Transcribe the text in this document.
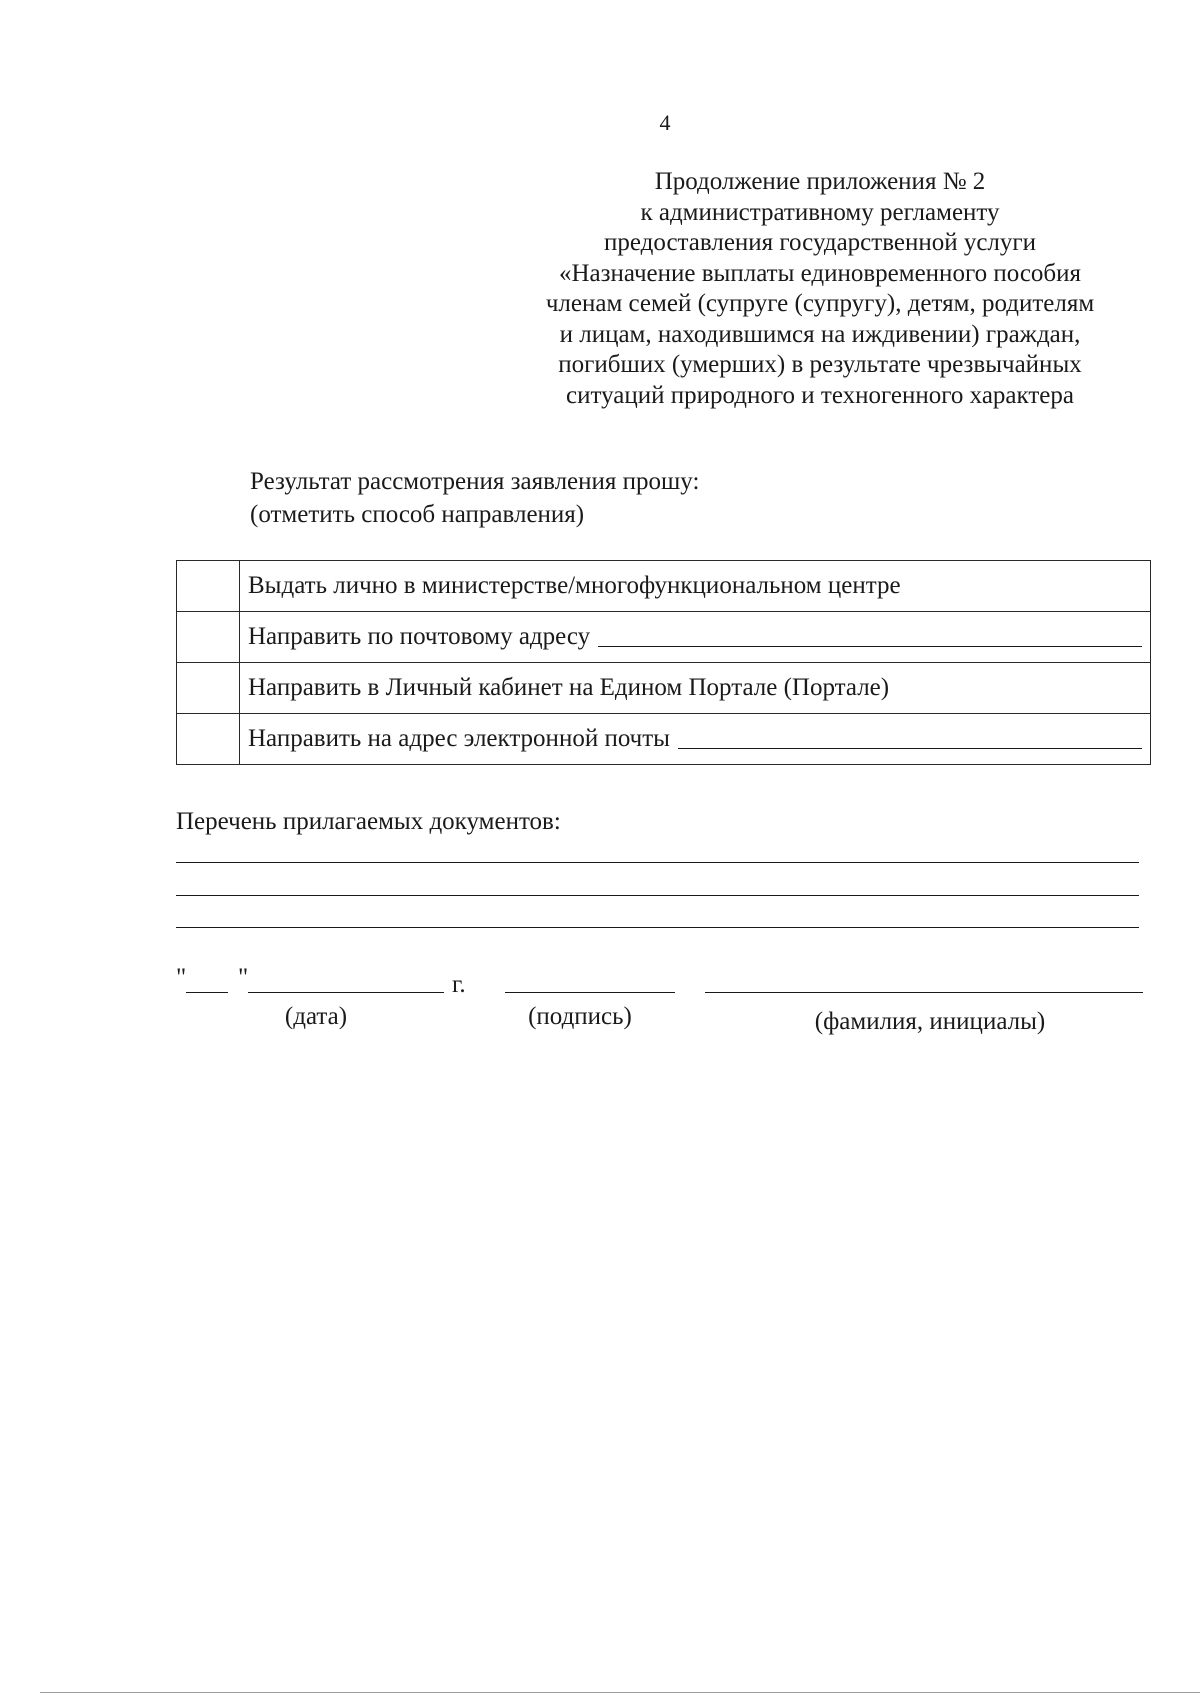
4
Продолжение приложения № 2
к административному регламенту
предоставления государственной услуги
«Назначение выплаты единовременного пособия
членам семей (супруге (супругу), детям, родителям
и лицам, находившимся на иждивении) граждан,
погибших (умерших) в результате чрезвычайных
ситуаций природного и техногенного характера
Результат рассмотрения заявления прошу:
(отметить способ направления)
	Выдать лично в министерстве/многофункциональном центре

	Направить по почтовому адресу

	Направить в Личный кабинет на Едином Портале (Портале)

	Направить на адрес электронной почты
Перечень прилагаемых документов:
" "	г.
(дата)	(подпись)	(фамилия, инициалы)
